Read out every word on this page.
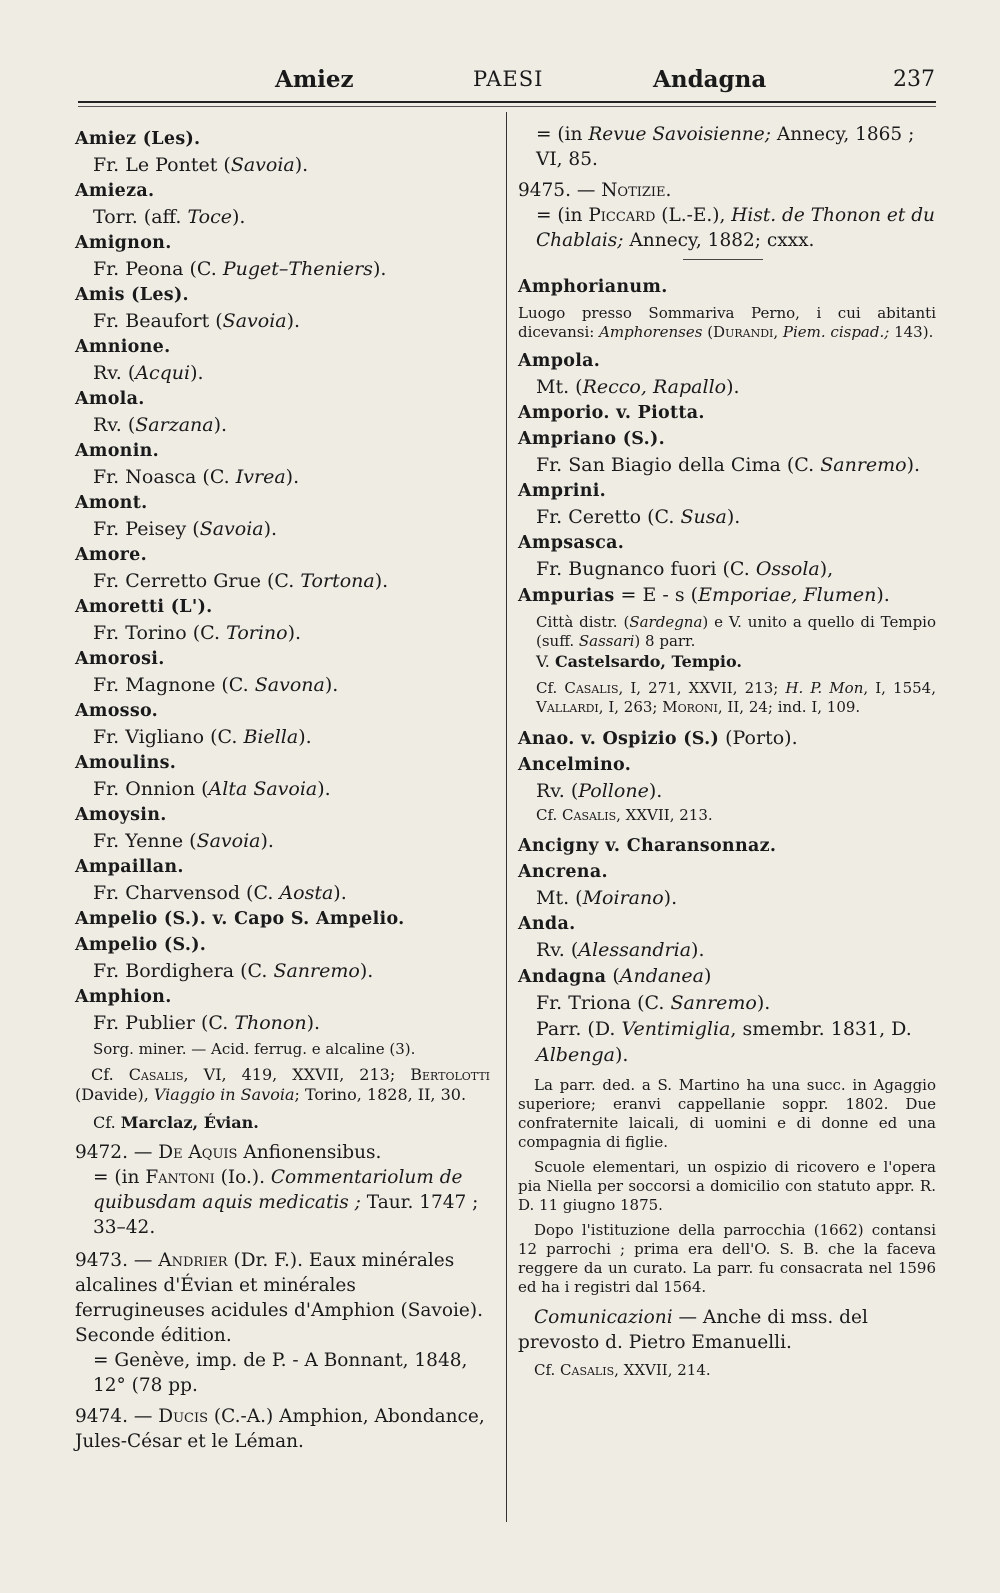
Amiez	PAESI	Andagna	237
Amiez (Les).
Fr. Le Pontet (Savoia).
Amieza.
Torr. (aff. Toce).
Amignon.
Fr. Peona (C. Puget–Theniers).
Amis (Les).
Fr. Beaufort (Savoia).
Amnione.
Rv. (Acqui).
Amola.
Rv. (Sarzana).
Amonin.
Fr. Noasca (C. Ivrea).
Amont.
Fr. Peisey (Savoia).
Amore.
Fr. Cerretto Grue (C. Tortona).
Amoretti (L').
Fr. Torino (C. Torino).
Amorosi.
Fr. Magnone (C. Savona).
Amosso.
Fr. Vigliano (C. Biella).
Amoulins.
Fr. Onnion (Alta Savoia).
Amoysin.
Fr. Yenne (Savoia).
Ampaillan.
Fr. Charvensod (C. Aosta).
Ampelio (S.). v. Capo S. Ampelio.
Ampelio (S.).
Fr. Bordighera (C. Sanremo).
Amphion.
Fr. Publier (C. Thonon).
Sorg. miner. — Acid. ferrug. e alcaline (3).
Cf. Casalis, VI, 419, XXVII, 213; Bertolotti (Davide), Viaggio in Savoia; Torino, 1828, II, 30.
Cf. Marclaz, Évian.
9472. — De Aquis Anfionensibus.
= (in Fantoni (Io.). Commentariolum de quibusdam aquis medicatis ; Taur. 1747 ; 33–42.
9473. — Andrier (Dr. F.). Eaux minérales alcalines d'Évian et minérales ferrugineuses acidules d'Amphion (Savoie). Seconde édition.
= Genève, imp. de P. - A Bonnant, 1848, 12° (78 pp.
9474. — Ducis (C.-A.) Amphion, Abondance, Jules-César et le Léman.
= (in Revue Savoisienne; Annecy, 1865 ; VI, 85.
9475. — Notizie.
= (in Piccard (L.-E.), Hist. de Thonon et du Chablais; Annecy, 1882; cxxx.
Amphorianum.
Luogo presso Sommariva Perno, i cui abitanti dicevansi: Amphorenses (Durandi, Piem. cispad.; 143).
Ampola.
Mt. (Recco, Rapallo).
Amporio. v. Piotta.
Ampriano (S.).
Fr. San Biagio della Cima (C. Sanremo).
Amprini.
Fr. Ceretto (C. Susa).
Ampsasca.
Fr. Bugnanco fuori (C. Ossola),
Ampurias = E - s (Emporiae, Flumen).
Città distr. (Sardegna) e V. unito a quello di Tempio (suff. Sassari) 8 parr.
V. Castelsardo, Tempio.
Cf. Casalis, I, 271, XXVII, 213; H. P. Mon, I, 1554, Vallardi, I, 263; Moroni, II, 24; ind. I, 109.
Anao. v. Ospizio (S.) (Porto).
Ancelmino.
Rv. (Pollone).
Cf. Casalis, XXVII, 213.
Ancigny v. Charansonnaz.
Ancrena.
Mt. (Moirano).
Anda.
Rv. (Alessandria).
Andagna (Andanea)
Fr. Triona (C. Sanremo).
Parr. (D. Ventimiglia, smembr. 1831, D. Albenga).
La parr. ded. a S. Martino ha una succ. in Agaggio superiore; eranvi cappellanie soppr. 1802. Due confraternite laicali, di uomini e di donne ed una compagnia di figlie.
Scuole elementari, un ospizio di ricovero e l'opera pia Niella per soccorsi a domicilio con statuto appr. R. D. 11 giugno 1875.
Dopo l'istituzione della parrocchia (1662) contansi 12 parrochi ; prima era dell'O. S. B. che la faceva reggere da un curato. La parr. fu consacrata nel 1596 ed ha i registri dal 1564.
Comunicazioni — Anche di mss. del prevosto d. Pietro Emanuelli.
Cf. Casalis, XXVII, 214.
